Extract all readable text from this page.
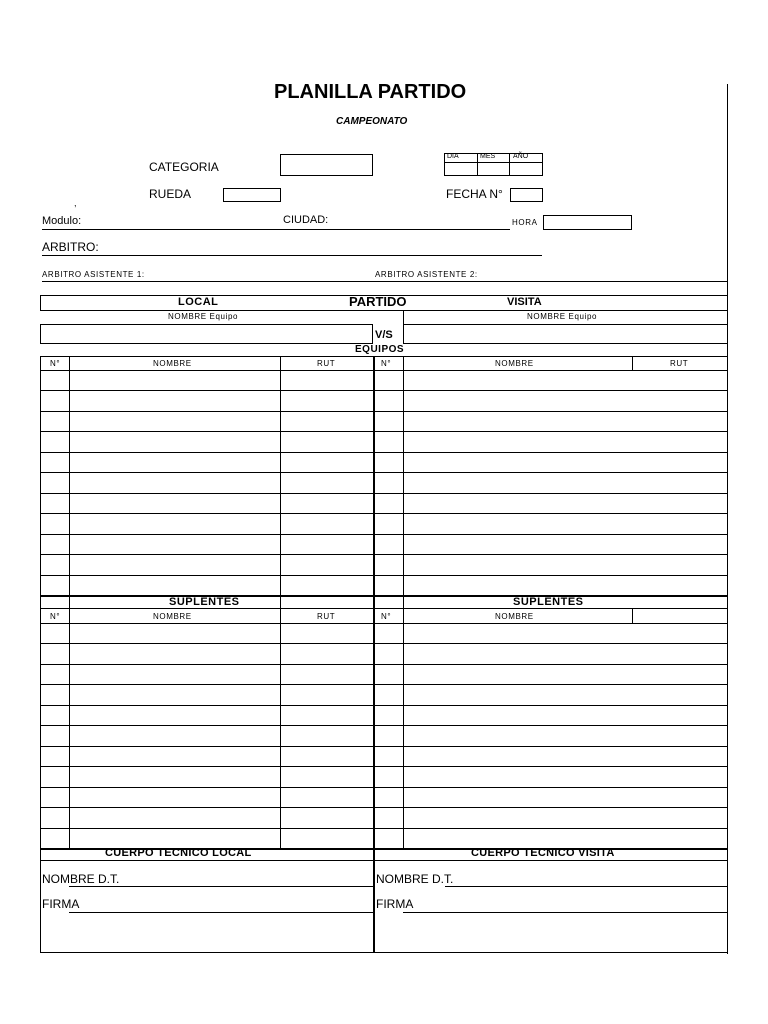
PLANILLA PARTIDO
CAMPEONATO
,
CATEGORIA
DIA	MES	AÑO
RUEDA	FECHA N°
Modulo:	CIUDAD:	HORA
ARBITRO:
ARBITRO ASISTENTE 1:	ARBITRO ASISTENTE 2:
LOCAL	PARTIDO	VISITA
NOMBRE Equipo	NOMBRE Equipo
V/S
EQUIPOS
N°	NOMBRE	RUT	N°	NOMBRE	RUT
SUPLENTES	SUPLENTES
N°	NOMBRE	RUT	N°	NOMBRE
CUERPO TECNICO LOCAL	CUERPO TECNICO VISITA
NOMBRE D.T.	NOMBRE D.T.
FIRMA	FIRMA
